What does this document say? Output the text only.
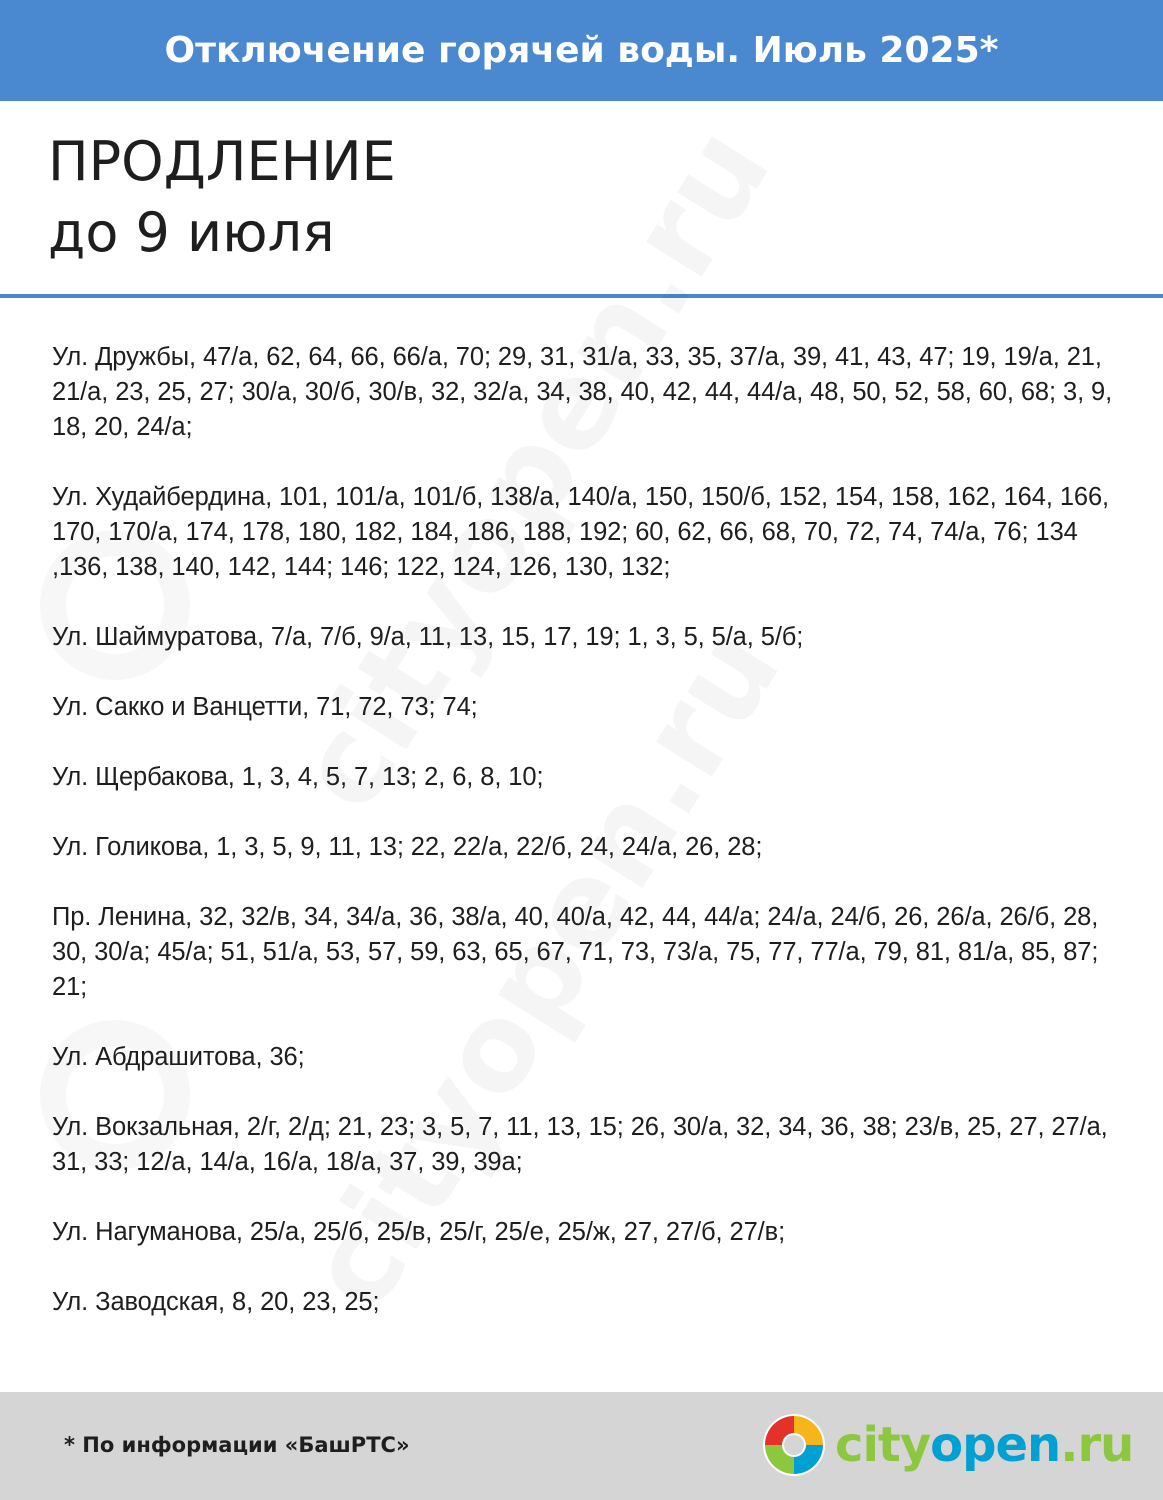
Отключение горячей воды. Июль 2025*
ПРОДЛЕНИЕ
до 9 июля

Ул. Дружбы, 47/а, 62, 64, 66, 66/а, 70; 29, 31, 31/а, 33, 35, 37/а, 39, 41, 43, 47; 19, 19/а, 21, 21/а, 23, 25, 27; 30/а, 30/б, 30/в, 32, 32/а, 34, 38, 40, 42, 44, 44/а, 48, 50, 52, 58, 60, 68; 3, 9, 18, 20, 24/а;

Ул. Худайбердина, 101, 101/а, 101/б, 138/а, 140/а, 150, 150/б, 152, 154, 158, 162, 164, 166, 170, 170/а, 174, 178, 180, 182, 184, 186, 188, 192; 60, 62, 66, 68, 70, 72, 74, 74/а, 76; 134 ,136, 138, 140, 142, 144; 146; 122, 124, 126, 130, 132;

Ул. Шаймуратова, 7/а, 7/б, 9/а, 11, 13, 15, 17, 19; 1, 3, 5, 5/а, 5/б;

Ул. Сакко и Ванцетти, 71, 72, 73; 74;

Ул. Щербакова, 1, 3, 4, 5, 7, 13; 2, 6, 8, 10;

Ул. Голикова, 1, 3, 5, 9, 11, 13; 22, 22/а, 22/б, 24, 24/а, 26, 28;

Пр. Ленина, 32, 32/в, 34, 34/а, 36, 38/а, 40, 40/а, 42, 44, 44/а; 24/а, 24/б, 26, 26/а, 26/б, 28, 30, 30/а; 45/а; 51, 51/а, 53, 57, 59, 63, 65, 67, 71, 73, 73/а, 75, 77, 77/а, 79, 81, 81/а, 85, 87; 21;

Ул. Абдрашитова, 36;

Ул. Вокзальная, 2/г, 2/д; 21, 23; 3, 5, 7, 11, 13, 15; 26, 30/а, 32, 34, 36, 38; 23/в, 25, 27, 27/а, 31, 33; 12/а, 14/а, 16/а, 18/а, 37, 39, 39а;

Ул. Нагуманова, 25/а, 25/б, 25/в, 25/г, 25/е, 25/ж, 27, 27/б, 27/в;

Ул. Заводская, 8, 20, 23, 25;

* По информации «БашРТС»	cityopen.ru
